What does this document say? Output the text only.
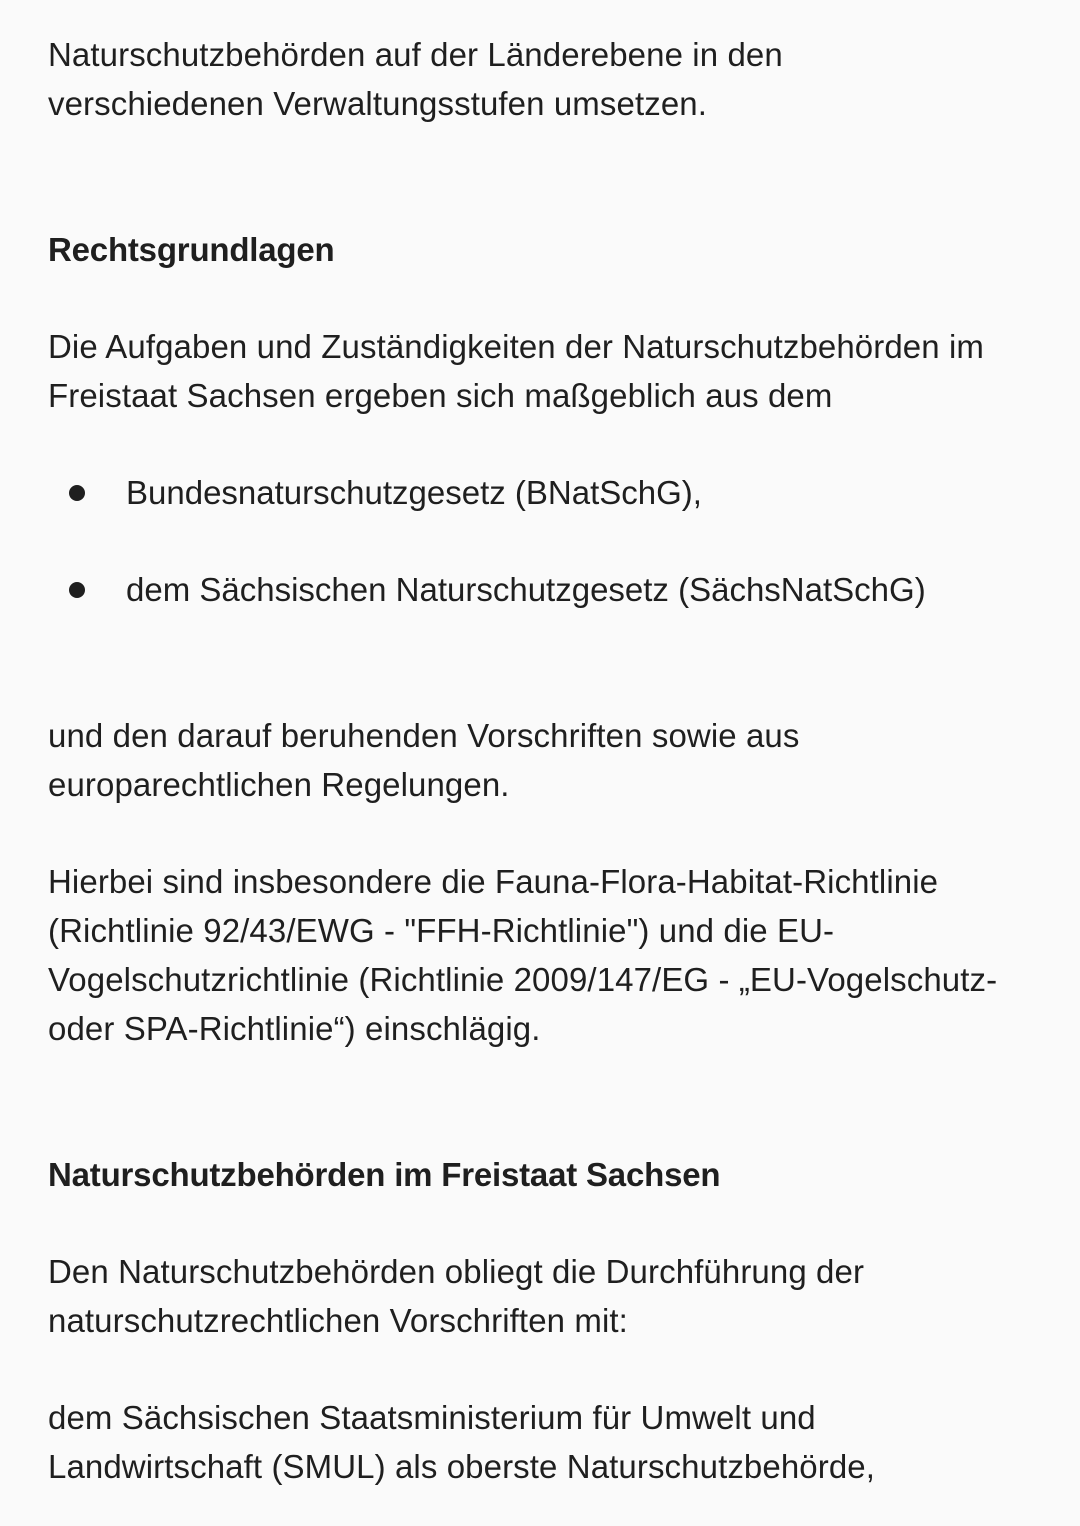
Naturschutzbehörden auf der Länderebene in den verschiedenen Verwaltungsstufen umsetzen.

Rechtsgrundlagen

Die Aufgaben und Zuständigkeiten der Naturschutzbehörden im Freistaat Sachsen ergeben sich maßgeblich aus dem

Bundesnaturschutzgesetz (BNatSchG),
dem Sächsischen Naturschutzgesetz (SächsNatSchG)

und den darauf beruhenden Vorschriften sowie aus europarechtlichen Regelungen.

Hierbei sind insbesondere die Fauna-Flora-Habitat-Richtlinie (Richtlinie 92/43/EWG - "FFH-Richtlinie") und die EU-Vogelschutzrichtlinie (Richtlinie 2009/147/EG - „EU-Vogelschutz- oder SPA-Richtlinie“) einschlägig.

Naturschutzbehörden im Freistaat Sachsen

Den Naturschutzbehörden obliegt die Durchführung der naturschutzrechtlichen Vorschriften mit:

dem Sächsischen Staatsministerium für Umwelt und Landwirtschaft (SMUL) als oberste Naturschutzbehörde,
